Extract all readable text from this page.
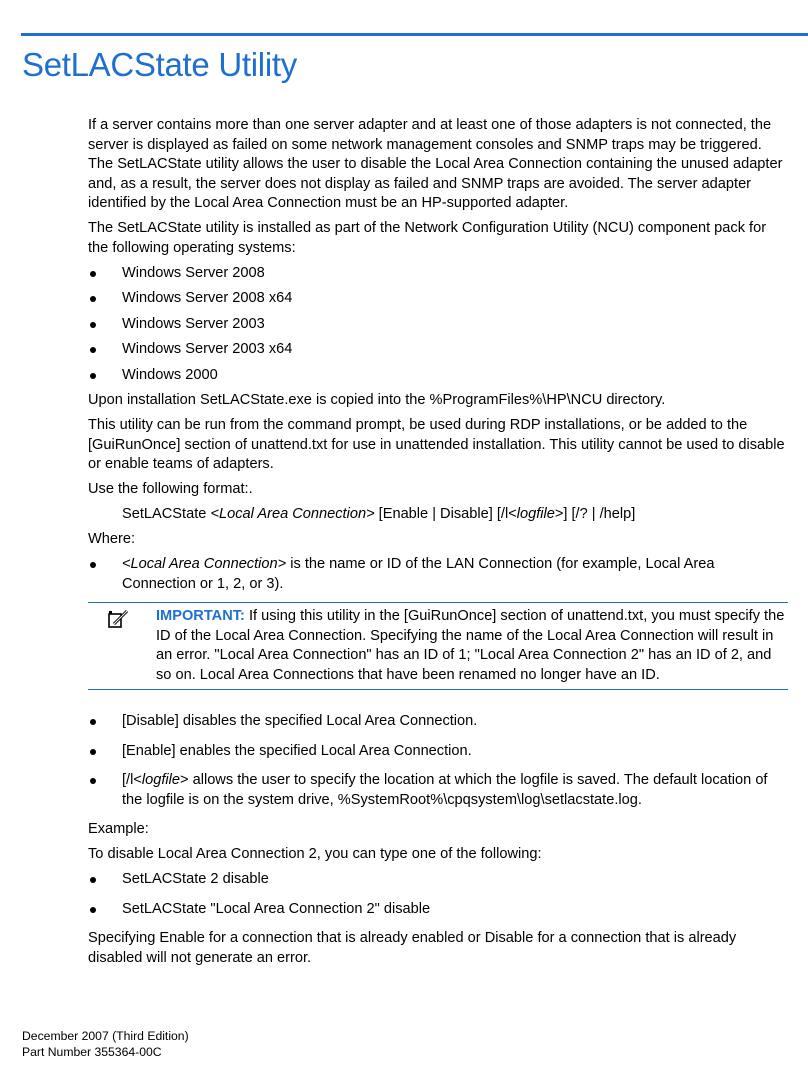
SetLACState Utility

If a server contains more than one server adapter and at least one of those adapters is not connected, the server is displayed as failed on some network management consoles and SNMP traps may be triggered. The SetLACState utility allows the user to disable the Local Area Connection containing the unused adapter and, as a result, the server does not display as failed and SNMP traps are avoided. The server adapter identified by the Local Area Connection must be an HP-supported adapter.

The SetLACState utility is installed as part of the Network Configuration Utility (NCU) component pack for the following operating systems:

Windows Server 2008
Windows Server 2008 x64
Windows Server 2003
Windows Server 2003 x64
Windows 2000

Upon installation SetLACState.exe is copied into the %ProgramFiles%\HP\NCU directory.

This utility can be run from the command prompt, be used during RDP installations, or be added to the [GuiRunOnce] section of unattend.txt for use in unattended installation. This utility cannot be used to disable or enable teams of adapters.

Use the following format:.

SetLACState <Local Area Connection> [Enable | Disable] [/l<logfile>] [/? | /help]

Where:

<Local Area Connection> is the name or ID of the LAN Connection (for example, Local Area Connection or 1, 2, or 3).
IMPORTANT: If using this utility in the [GuiRunOnce] section of unattend.txt, you must specify the ID of the Local Area Connection. Specifying the name of the Local Area Connection will result in an error. "Local Area Connection" has an ID of 1; "Local Area Connection 2" has an ID of 2, and so on. Local Area Connections that have been renamed no longer have an ID.
[Disable] disables the specified Local Area Connection.
[Enable] enables the specified Local Area Connection.
[/l<logfile> allows the user to specify the location at which the logfile is saved. The default location of the logfile is on the system drive, %SystemRoot%\cpqsystem\log\setlacstate.log.

Example:

To disable Local Area Connection 2, you can type one of the following:

SetLACState 2 disable
SetLACState "Local Area Connection 2" disable

Specifying Enable for a connection that is already enabled or Disable for a connection that is already disabled will not generate an error.

December 2007 (Third Edition)
Part Number 355364-00C
